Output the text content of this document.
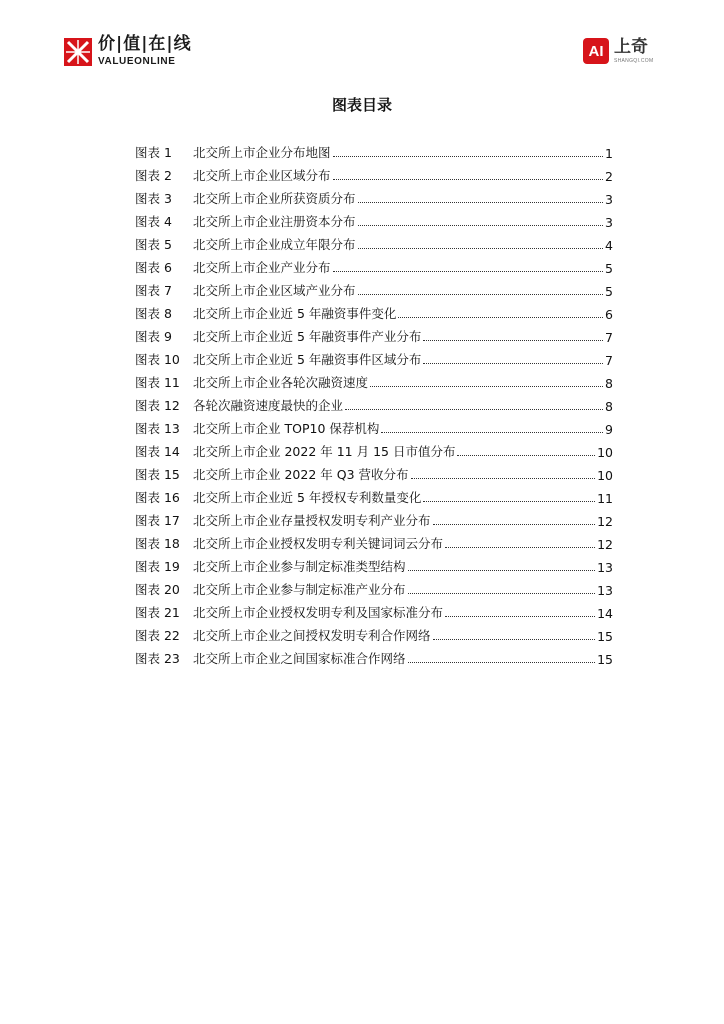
价|值|在|线
VALUEONLINE
AI 上奇
SHANGQI.COM
图表目录
图表 1	北交所上市企业分布地图	1
图表 2	北交所上市企业区域分布	2
图表 3	北交所上市企业所获资质分布	3
图表 4	北交所上市企业注册资本分布	3
图表 5	北交所上市企业成立年限分布	4
图表 6	北交所上市企业产业分布	5
图表 7	北交所上市企业区域产业分布	5
图表 8	北交所上市企业近 5 年融资事件变化	6
图表 9	北交所上市企业近 5 年融资事件产业分布	7
图表 10	北交所上市企业近 5 年融资事件区域分布	7
图表 11	北交所上市企业各轮次融资速度	8
图表 12	各轮次融资速度最快的企业	8
图表 13	北交所上市企业 TOP10 保荐机构	9
图表 14	北交所上市企业 2022 年 11 月 15 日市值分布	10
图表 15	北交所上市企业 2022 年 Q3 营收分布	10
图表 16	北交所上市企业近 5 年授权专利数量变化	11
图表 17	北交所上市企业存量授权发明专利产业分布	12
图表 18	北交所上市企业授权发明专利关键词词云分布	12
图表 19	北交所上市企业参与制定标准类型结构	13
图表 20	北交所上市企业参与制定标准产业分布	13
图表 21	北交所上市企业授权发明专利及国家标准分布	14
图表 22	北交所上市企业之间授权发明专利合作网络	15
图表 23	北交所上市企业之间国家标准合作网络	15
